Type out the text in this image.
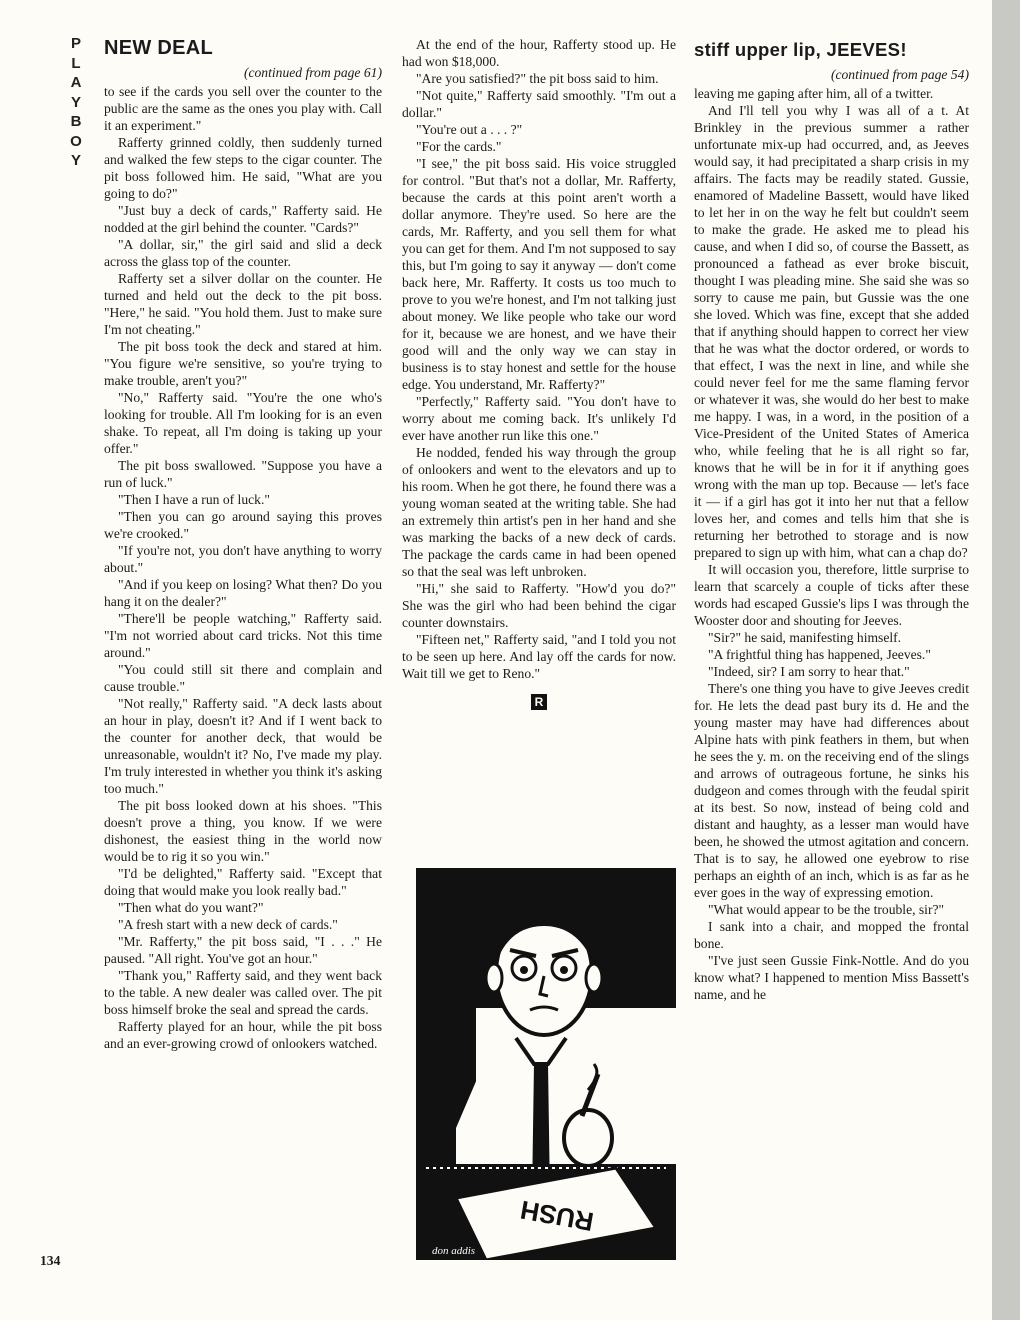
P
L
A
Y
B
O
Y
NEW DEAL
(continued from page 61)

to see if the cards you sell over the counter to the public are the same as the ones you play with. Call it an experiment."

Rafferty grinned coldly, then suddenly turned and walked the few steps to the cigar counter. The pit boss followed him. He said, "What are you going to do?"

"Just buy a deck of cards," Rafferty said. He nodded at the girl behind the counter. "Cards?"

"A dollar, sir," the girl said and slid a deck across the glass top of the counter.

Rafferty set a silver dollar on the counter. He turned and held out the deck to the pit boss. "Here," he said. "You hold them. Just to make sure I'm not cheating."

The pit boss took the deck and stared at him. "You figure we're sensitive, so you're trying to make trouble, aren't you?"

"No," Rafferty said. "You're the one who's looking for trouble. All I'm looking for is an even shake. To repeat, all I'm doing is taking up your offer."

The pit boss swallowed. "Suppose you have a run of luck."

"Then I have a run of luck."

"Then you can go around saying this proves we're crooked."

"If you're not, you don't have anything to worry about."

"And if you keep on losing? What then? Do you hang it on the dealer?"

"There'll be people watching," Rafferty said. "I'm not worried about card tricks. Not this time around."

"You could still sit there and complain and cause trouble."

"Not really," Rafferty said. "A deck lasts about an hour in play, doesn't it? And if I went back to the counter for another deck, that would be unreasonable, wouldn't it? No, I've made my play. I'm truly interested in whether you think it's asking too much."

The pit boss looked down at his shoes. "This doesn't prove a thing, you know. If we were dishonest, the easiest thing in the world now would be to rig it so you win."

"I'd be delighted," Rafferty said. "Except that doing that would make you look really bad."

"Then what do you want?"

"A fresh start with a new deck of cards."

"Mr. Rafferty," the pit boss said, "I . . ." He paused. "All right. You've got an hour."

"Thank you," Rafferty said, and they went back to the table. A new dealer was called over. The pit boss himself broke the seal and spread the cards.

Rafferty played for an hour, while the pit boss and an ever-growing crowd of onlookers watched.

At the end of the hour, Rafferty stood up. He had won $18,000.

"Are you satisfied?" the pit boss said to him.

"Not quite," Rafferty said smoothly. "I'm out a dollar."

"You're out a . . . ?"

"For the cards."

"I see," the pit boss said. His voice struggled for control. "But that's not a dollar, Mr. Rafferty, because the cards at this point aren't worth a dollar anymore. They're used. So here are the cards, Mr. Rafferty, and you sell them for what you can get for them. And I'm not supposed to say this, but I'm going to say it anyway — don't come back here, Mr. Rafferty. It costs us too much to prove to you we're honest, and I'm not talking just about money. We like people who take our word for it, because we are honest, and we have their good will and the only way we can stay in business is to stay honest and settle for the house edge. You understand, Mr. Rafferty?"

"Perfectly," Rafferty said. "You don't have to worry about me coming back. It's unlikely I'd ever have another run like this one."

He nodded, fended his way through the group of onlookers and went to the elevators and up to his room. When he got there, he found there was a young woman seated at the writing table. She had an extremely thin artist's pen in her hand and she was marking the backs of a new deck of cards. The package the cards came in had been opened so that the seal was left unbroken.

"Hi," she said to Rafferty. "How'd you do?" She was the girl who had been behind the cigar counter downstairs.

"Fifteen net," Rafferty said, "and I told you not to be seen up here. And lay off the cards for now. Wait till we get to Reno."

R
RUSH
don addis
stiff upper lip, JEEVES!
(continued from page 54)

leaving me gaping after him, all of a twitter.

And I'll tell you why I was all of a t. At Brinkley in the previous summer a rather unfortunate mix-up had occurred, and, as Jeeves would say, it had precipitated a sharp crisis in my affairs. The facts may be readily stated. Gussie, enamored of Madeline Bassett, would have liked to let her in on the way he felt but couldn't seem to make the grade. He asked me to plead his cause, and when I did so, of course the Bassett, as pronounced a fathead as ever broke biscuit, thought I was pleading mine. She said she was so sorry to cause me pain, but Gussie was the one she loved. Which was fine, except that she added that if anything should happen to correct her view that he was what the doctor ordered, or words to that effect, I was the next in line, and while she could never feel for me the same flaming fervor or whatever it was, she would do her best to make me happy. I was, in a word, in the position of a Vice-President of the United States of America who, while feeling that he is all right so far, knows that he will be in for it if anything goes wrong with the man up top. Because — let's face it — if a girl has got it into her nut that a fellow loves her, and comes and tells him that she is returning her betrothed to storage and is now prepared to sign up with him, what can a chap do?

It will occasion you, therefore, little surprise to learn that scarcely a couple of ticks after these words had escaped Gussie's lips I was through the Wooster door and shouting for Jeeves.

"Sir?" he said, manifesting himself.

"A frightful thing has happened, Jeeves."

"Indeed, sir? I am sorry to hear that."

There's one thing you have to give Jeeves credit for. He lets the dead past bury its d. He and the young master may have had differences about Alpine hats with pink feathers in them, but when he sees the y. m. on the receiving end of the slings and arrows of outrageous fortune, he sinks his dudgeon and comes through with the feudal spirit at its best. So now, instead of being cold and distant and haughty, as a lesser man would have been, he showed the utmost agitation and concern. That is to say, he allowed one eyebrow to rise perhaps an eighth of an inch, which is as far as he ever goes in the way of expressing emotion.

"What would appear to be the trouble, sir?"

I sank into a chair, and mopped the frontal bone.

"I've just seen Gussie Fink-Nottle. And do you know what? I happened to mention Miss Bassett's name, and he

134
